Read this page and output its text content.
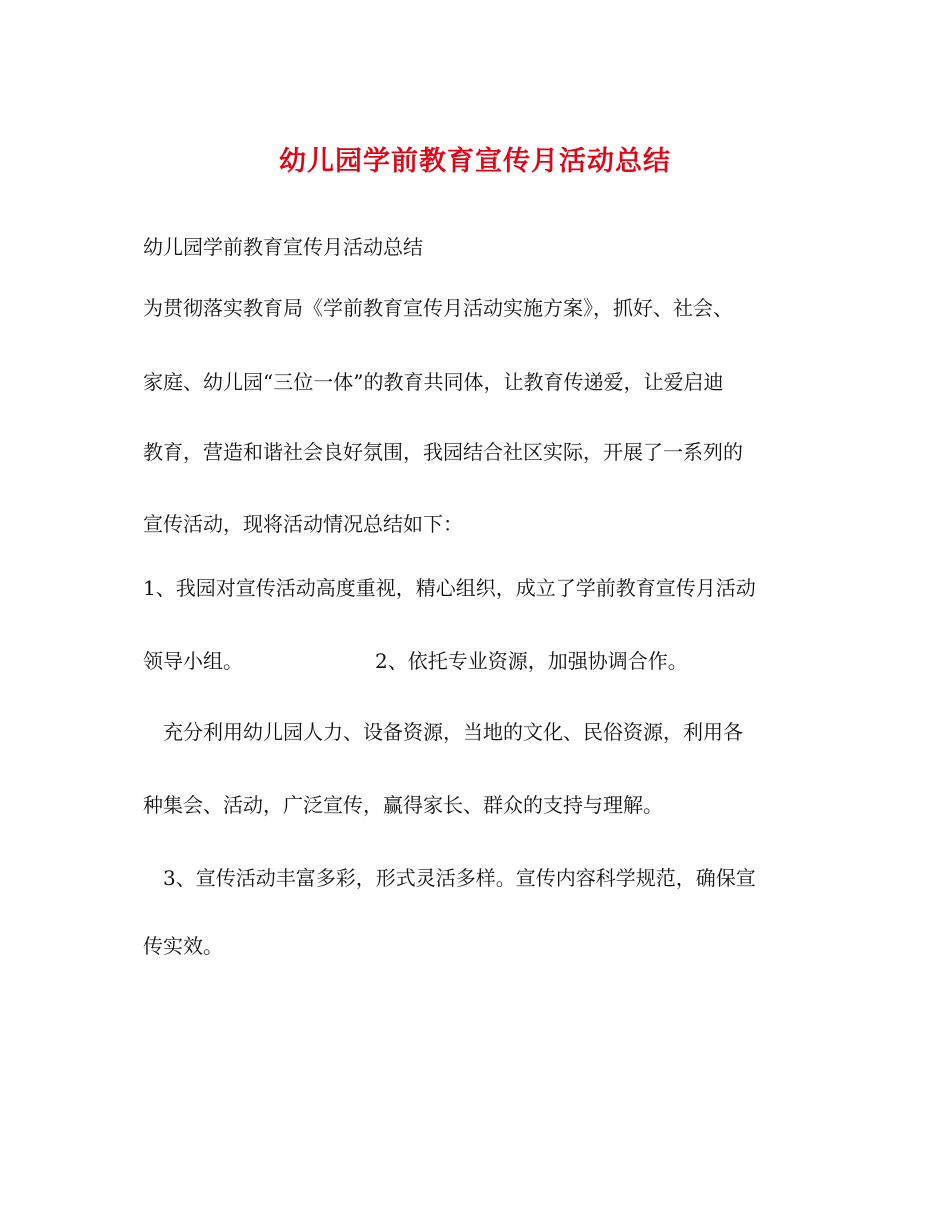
幼儿园学前教育宣传月活动总结
幼儿园学前教育宣传月活动总结
为贯彻落实教育局《学前教育宣传月活动实施方案》，抓好、社会、
家庭、幼儿园“三位一体”的教育共同体，让教育传递爱，让爱启迪
教育，营造和谐社会良好氛围，我园结合社区实际，开展了一系列的
宣传活动，现将活动情况总结如下：
1、我园对宣传活动高度重视，精心组织，成立了学前教育宣传月活动
领导小组。	2、依托专业资源，加强协调合作。
充分利用幼儿园人力、设备资源，当地的文化、民俗资源，利用各
种集会、活动，广泛宣传，赢得家长、群众的支持与理解。
3、宣传活动丰富多彩，形式灵活多样。宣传内容科学规范，确保宣
传实效。
